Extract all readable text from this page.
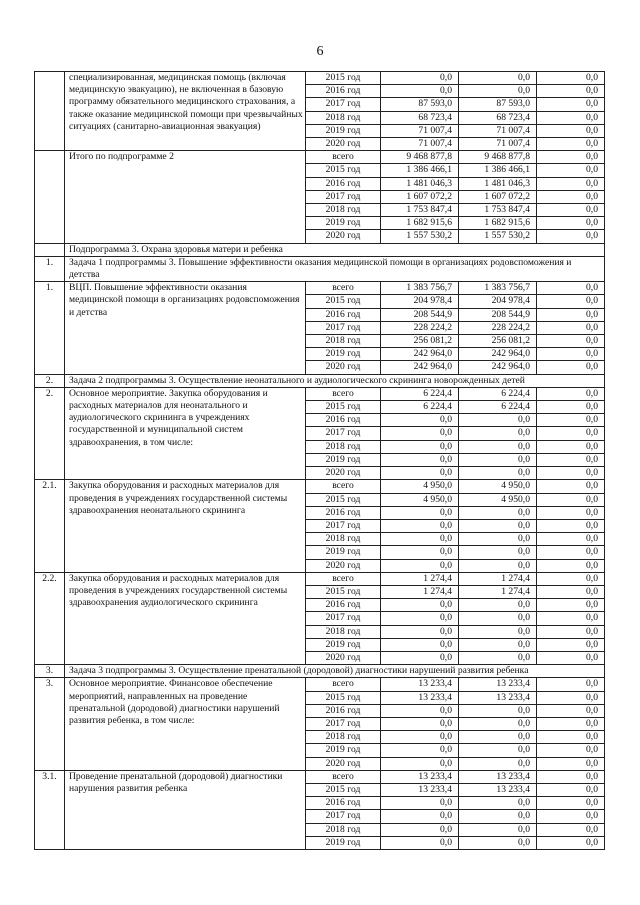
6
	специализированная, медицинская помощь (включая медицинскую эвакуацию), не включенная в базовую программу обязательного медицинского страхования, а также оказание медицинской помощи при чрезвычайных ситуациях (санитарно-авиационная эвакуация)	2015 год	0,0	0,0	0,0
		2016 год	0,0	0,0	0,0
		2017 год	87 593,0	87 593,0	0,0
		2018 год	68 723,4	68 723,4	0,0
		2019 год	71 007,4	71 007,4	0,0
		2020 год	71 007,4	71 007,4	0,0
	Итого по подпрограмме 2	всего	9 468 877,8	9 468 877,8	0,0
		2015 год	1 386 466,1	1 386 466,1	0,0
		2016 год	1 481 046,3	1 481 046,3	0,0
		2017 год	1 607 072,2	1 607 072,2	0,0
		2018 год	1 753 847,4	1 753 847,4	0,0
		2019 год	1 682 915,6	1 682 915,6	0,0
		2020 год	1 557 530,2	1 557 530,2	0,0
	Подпрограмма 3. Охрана здоровья матери и ребенка				
1.	Задача 1 подпрограммы 3. Повышение эффективности оказания медицинской помощи в организациях родовспоможения и детства				
1.	ВЦП. Повышение эффективности оказания медицинской помощи в организациях родовспоможения и детства	всего	1 383 756,7	1 383 756,7	0,0
		2015 год	204 978,4	204 978,4	0,0
		2016 год	208 544,9	208 544,9	0,0
		2017 год	228 224,2	228 224,2	0,0
		2018 год	256 081,2	256 081,2	0,0
		2019 год	242 964,0	242 964,0	0,0
		2020 год	242 964,0	242 964,0	0,0
2.	Задача 2 подпрограммы 3. Осуществление неонатального и аудиологического скрининга новорожденных детей				
2.	Основное мероприятие. Закупка оборудования и расходных материалов для неонатального и аудиологического скрининга в учреждениях государственной и муниципальной систем здравоохранения, в том числе:	всего	6 224,4	6 224,4	0,0
		2015 год	6 224,4	6 224,4	0,0
		2016 год	0,0	0,0	0,0
		2017 год	0,0	0,0	0,0
		2018 год	0,0	0,0	0,0
		2019 год	0,0	0,0	0,0
		2020 год	0,0	0,0	0,0
2.1.	Закупка оборудования и расходных материалов для проведения в учреждениях государственной системы здравоохранения неонатального скрининга	всего	4 950,0	4 950,0	0,0
		2015 год	4 950,0	4 950,0	0,0
		2016 год	0,0	0,0	0,0
		2017 год	0,0	0,0	0,0
		2018 год	0,0	0,0	0,0
		2019 год	0,0	0,0	0,0
		2020 год	0,0	0,0	0,0
2.2.	Закупка оборудования и расходных материалов для проведения в учреждениях государственной системы здравоохранения аудиологического скрининга	всего	1 274,4	1 274,4	0,0
		2015 год	1 274,4	1 274,4	0,0
		2016 год	0,0	0,0	0,0
		2017 год	0,0	0,0	0,0
		2018 год	0,0	0,0	0,0
		2019 год	0,0	0,0	0,0
		2020 год	0,0	0,0	0,0
3.	Задача 3 подпрограммы 3. Осуществление пренатальной (дородовой) диагностики нарушений развития ребенка				
3.	Основное мероприятие. Финансовое обеспечение мероприятий, направленных на проведение пренатальной (дородовой) диагностики нарушений развития ребенка, в том числе:	всего	13 233,4	13 233,4	0,0
		2015 год	13 233,4	13 233,4	0,0
		2016 год	0,0	0,0	0,0
		2017 год	0,0	0,0	0,0
		2018 год	0,0	0,0	0,0
		2019 год	0,0	0,0	0,0
		2020 год	0,0	0,0	0,0
3.1.	Проведение пренатальной (дородовой) диагностики нарушения развития ребенка	всего	13 233,4	13 233,4	0,0
		2015 год	13 233,4	13 233,4	0,0
		2016 год	0,0	0,0	0,0
		2017 год	0,0	0,0	0,0
		2018 год	0,0	0,0	0,0
		2019 год	0,0	0,0	0,0
